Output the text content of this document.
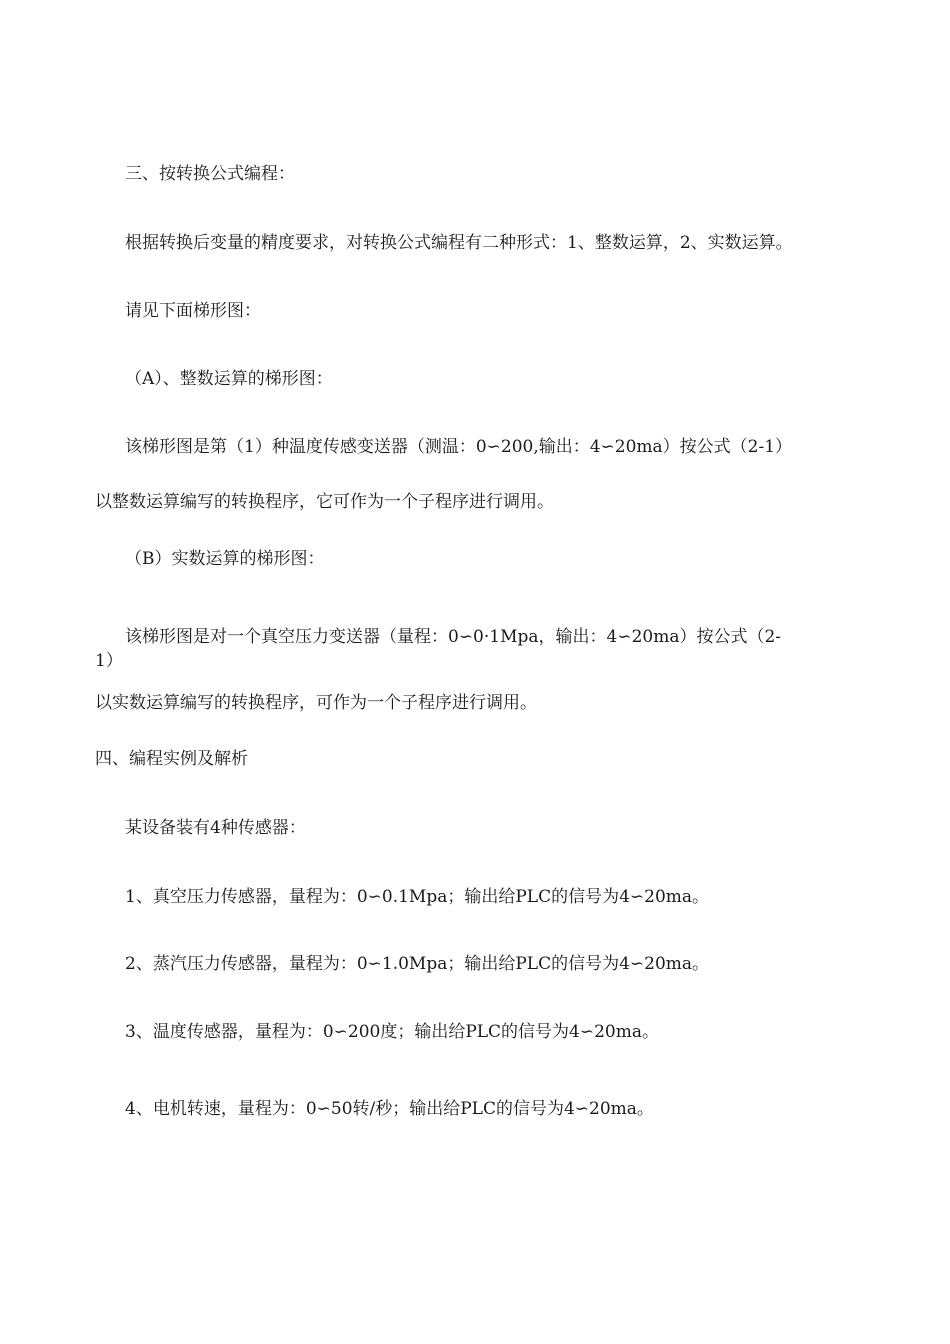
三、按转换公式编程：
根据转换后变量的精度要求，对转换公式编程有二种形式：1、整数运算，2、实数运算。
请见下面梯形图：
（A）、整数运算的梯形图：
该梯形图是第（1）种温度传感变送器（测温：0∽200,输出：4∽20ma）按公式（2-1）
以整数运算编写的转换程序，它可作为一个子程序进行调用。
（B）实数运算的梯形图：
该梯形图是对一个真空压力变送器（量程：0∽0·1Mpa，输出：4∽20ma）按公式（2-
1）
以实数运算编写的转换程序，可作为一个子程序进行调用。
四、编程实例及解析
某设备装有4种传感器：
1、真空压力传感器，量程为：0∽0.1Mpa；输出给PLC的信号为4∽20ma。
2、蒸汽压力传感器，量程为：0∽1.0Mpa；输出给PLC的信号为4∽20ma。
3、温度传感器，量程为：0∽200度；输出给PLC的信号为4∽20ma。
4、电机转速，量程为：0∽50转/秒；输出给PLC的信号为4∽20ma。
